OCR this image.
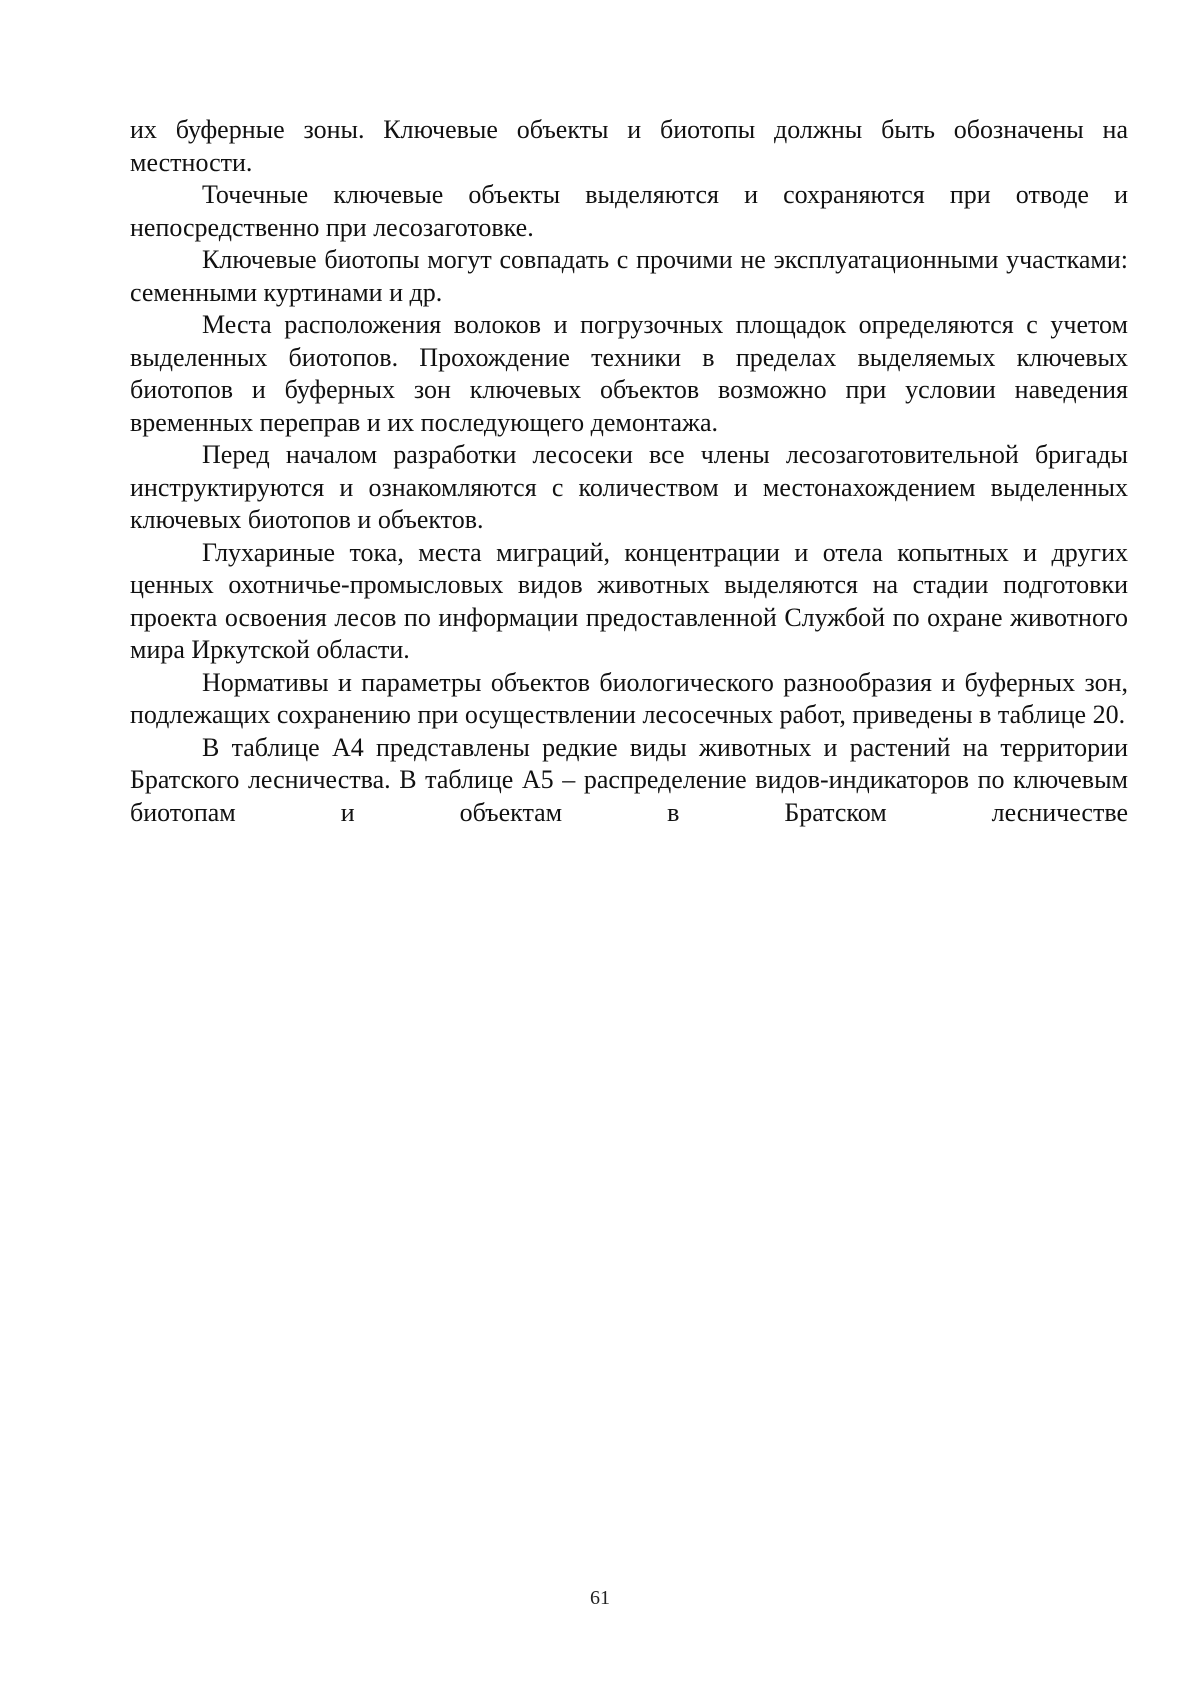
их буферные зоны. Ключевые объекты и биотопы должны быть обозначены на местности.

Точечные ключевые объекты выделяются и сохраняются при отводе и непосредственно при лесозаготовке.

Ключевые биотопы могут совпадать с прочими не эксплуатационными участками: семенными куртинами и др.

Места расположения волоков и погрузочных площадок определяются с учетом выделенных биотопов. Прохождение техники в пределах выделяемых ключевых биотопов и буферных зон ключевых объектов возможно при условии наведения временных переправ и их последующего демонтажа.

Перед началом разработки лесосеки все члены лесозаготовительной бригады инструктируются и ознакомляются с количеством и местонахождением выделенных ключевых биотопов и объектов.

Глухариные тока, места миграций, концентрации и отела копытных и других ценных охотничье-промысловых видов животных выделяются на стадии подготовки проекта освоения лесов по информации предоставленной Службой по охране животного мира Иркутской области.

Нормативы и параметры объектов биологического разнообразия и буферных зон, подлежащих сохранению при осуществлении лесосечных работ, приведены в таблице 20.

В таблице А4 представлены редкие виды животных и растений на территории Братского лесничества. В таблице А5 – распределение видов-индикаторов по ключевым биотопам и объектам в Братском лесничестве

61
